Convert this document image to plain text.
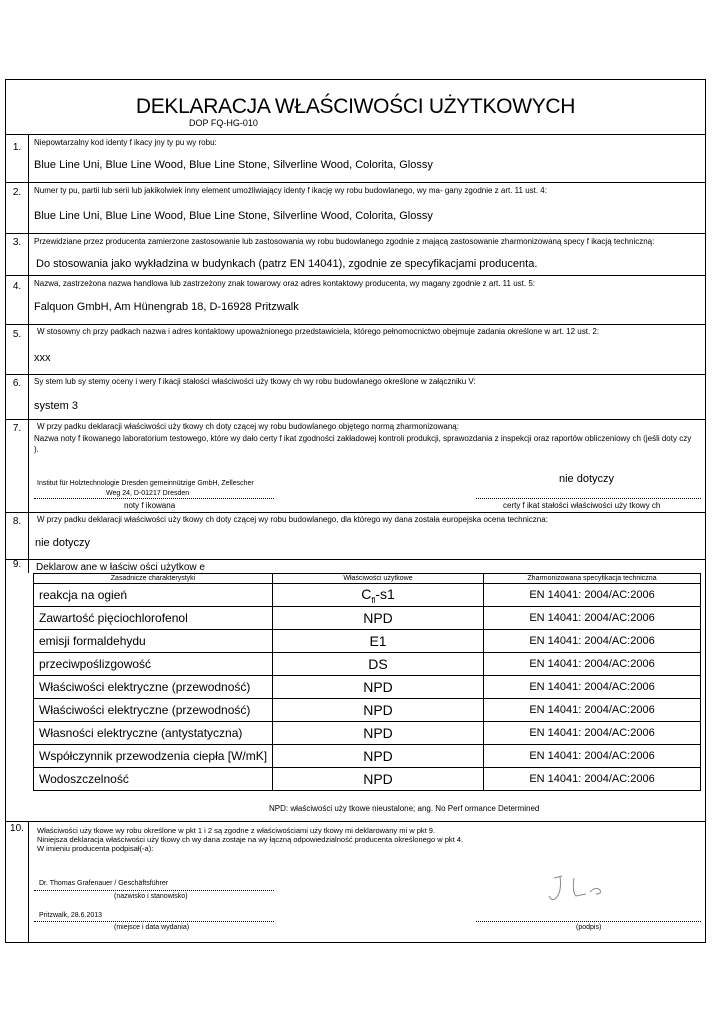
DEKLARACJA WŁAŚCIWOŚCI UŻYTKOWYCH
DOP FQ-HG-010
1.	Niepowtarzalny kod identy f ikacy jny ty pu wy robu:
Blue Line Uni, Blue Line Wood, Blue Line Stone, Silverline Wood, Colorita, Glossy
2.	Numer ty pu, partii lub serii lub jakikolwiek inny element umożliwiający identy f ikację wy robu budowlanego, wy ma- gany zgodnie z art. 11 ust. 4:
Blue Line Uni, Blue Line Wood, Blue Line Stone, Silverline Wood, Colorita, Glossy
3.	Przewidziane przez producenta zamierzone zastosowanie lub zastosowania wy robu budowlanego zgodnie z mającą zastosowanie zharmonizowaną specy f ikacją techniczną:
Do stosowania jako wykładzina w budynkach (patrz EN 14041), zgodnie ze specyfikacjami producenta.
4.	Nazwa, zastrzeżona nazwa handlowa lub zastrzeżony znak towarowy oraz adres kontaktowy producenta, wy magany zgodnie z art. 11 ust. 5:
Falquon GmbH, Am Hünengrab 18, D-16928 Pritzwalk
5.	W stosowny ch przy padkach nazwa i adres kontaktowy upoważnionego przedstawiciela, którego pełnomocnictwo obejmuje zadania określone w art. 12 ust. 2:
xxx
6.	Sy stem lub sy stemy oceny i wery f ikacji stałości właściwości uży tkowy ch wy robu budowlanego określone w załączniku V:
system 3
7.	W przy padku deklaracji właściwości uży tkowy ch doty czącej wy robu budowlanego objętego normą zharmonizowaną:
Nazwa noty f ikowanego laboratorium testowego, które wy dało certy f ikat zgodności zakładowej kontroli produkcji, sprawozdania z inspekcji oraz raportów obliczeniowy ch (jeśli doty czy ).
Institut für Holztechnologie Dresden gemeinnützige GmbH, Zellescher
Weg 24, D-01217 Dresden
noty f ikowana
nie dotyczy
certy f ikat stałości właściwości uży tkowy ch
8.	W przy padku deklaracji właściwości uży tkowy ch doty czącej wy robu budowlanego, dla którego wy dana została europejska ocena techniczna:
nie dotyczy
9.	Deklarow ane w łaściw ości użytkow e
Zasadnicze charakterystyki	Właściwości użytkowe	Zharmonizowana specyfikacja techniczna
reakcja na ogień	$C_{fl}-s1$	EN 14041: 2004/AC:2006
Zawartość pięciochlorofenol	NPD	EN 14041: 2004/AC:2006
emisji formaldehydu	E1	EN 14041: 2004/AC:2006
przeciwpoślizgowość	DS	EN 14041: 2004/AC:2006
Właściwości elektryczne (przewodność)	NPD	EN 14041: 2004/AC:2006
Właściwości elektryczne (przewodność)	NPD	EN 14041: 2004/AC:2006
Własności elektryczne (antystatyczna)	NPD	EN 14041: 2004/AC:2006
Współczynnik przewodzenia ciepła [W/mK]	NPD	EN 14041: 2004/AC:2006
Wodoszczelność	NPD	EN 14041: 2004/AC:2006
NPD: właściwości uży tkowe nieustalone; ang. No Perf ormance Determined
10. Właściwości uży tkowe wy robu określone w pkt 1 i 2 są zgodne z właściwościami uży tkowy mi deklarowany mi w pkt 9.
Niniejsza deklaracja właściwości uży tkowy ch wy dana zostaje na wy łączną odpowiedzialność producenta określonego w pkt 4.
W imieniu producenta podpisał(-a):
Dr. Thomas Grafenauer / Geschäftsführer
(nazwisko i stanowisko)
Pritzwalk, 28.6.2013
(miejsce i data wydania)	(podpis)
